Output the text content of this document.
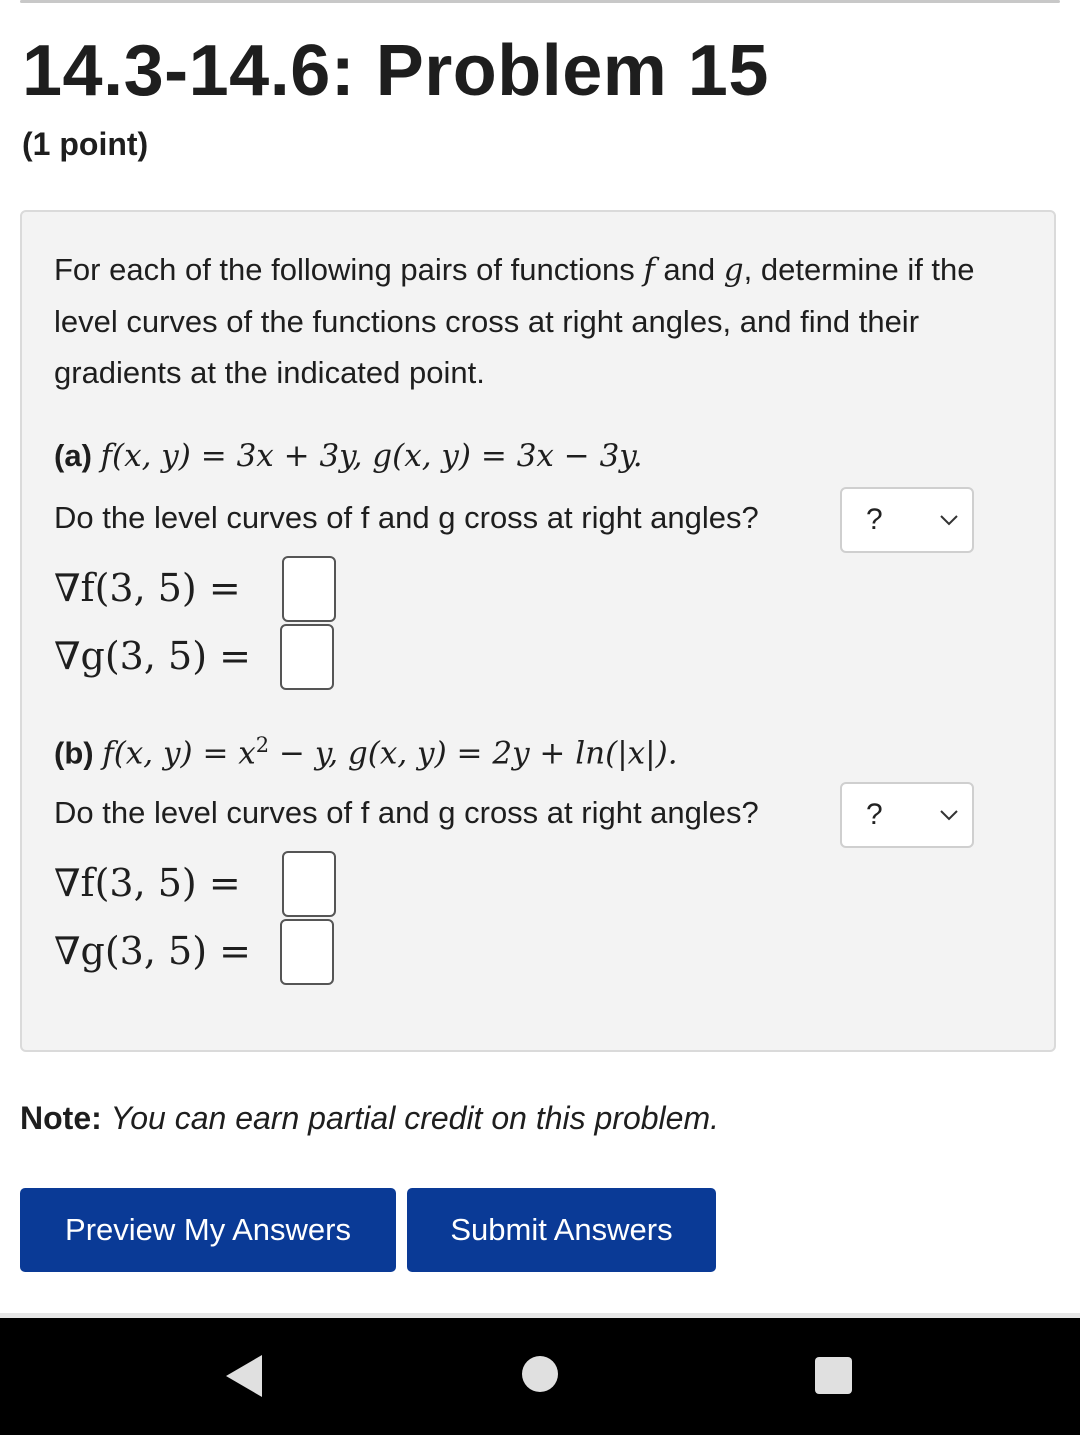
14.3-14.6: Problem 15
(1 point)
For each of the following pairs of functions f and g, determine if the level curves of the functions cross at right angles, and find their gradients at the indicated point.
(a) f(x, y) = 3x + 3y, g(x, y) = 3x − 3y.
Do the level curves of f and g cross at right angles?	?
∇f(3, 5) =
∇g(3, 5) =
(b) f(x, $y) = x^2 - y$, g(x, y) = 2y + ln(|x|).
Do the level curves of f and g cross at right angles?	?
∇f(3, 5) =
∇g(3, 5) =
Note: You can earn partial credit on this problem.
Preview My Answers	Submit Answers
